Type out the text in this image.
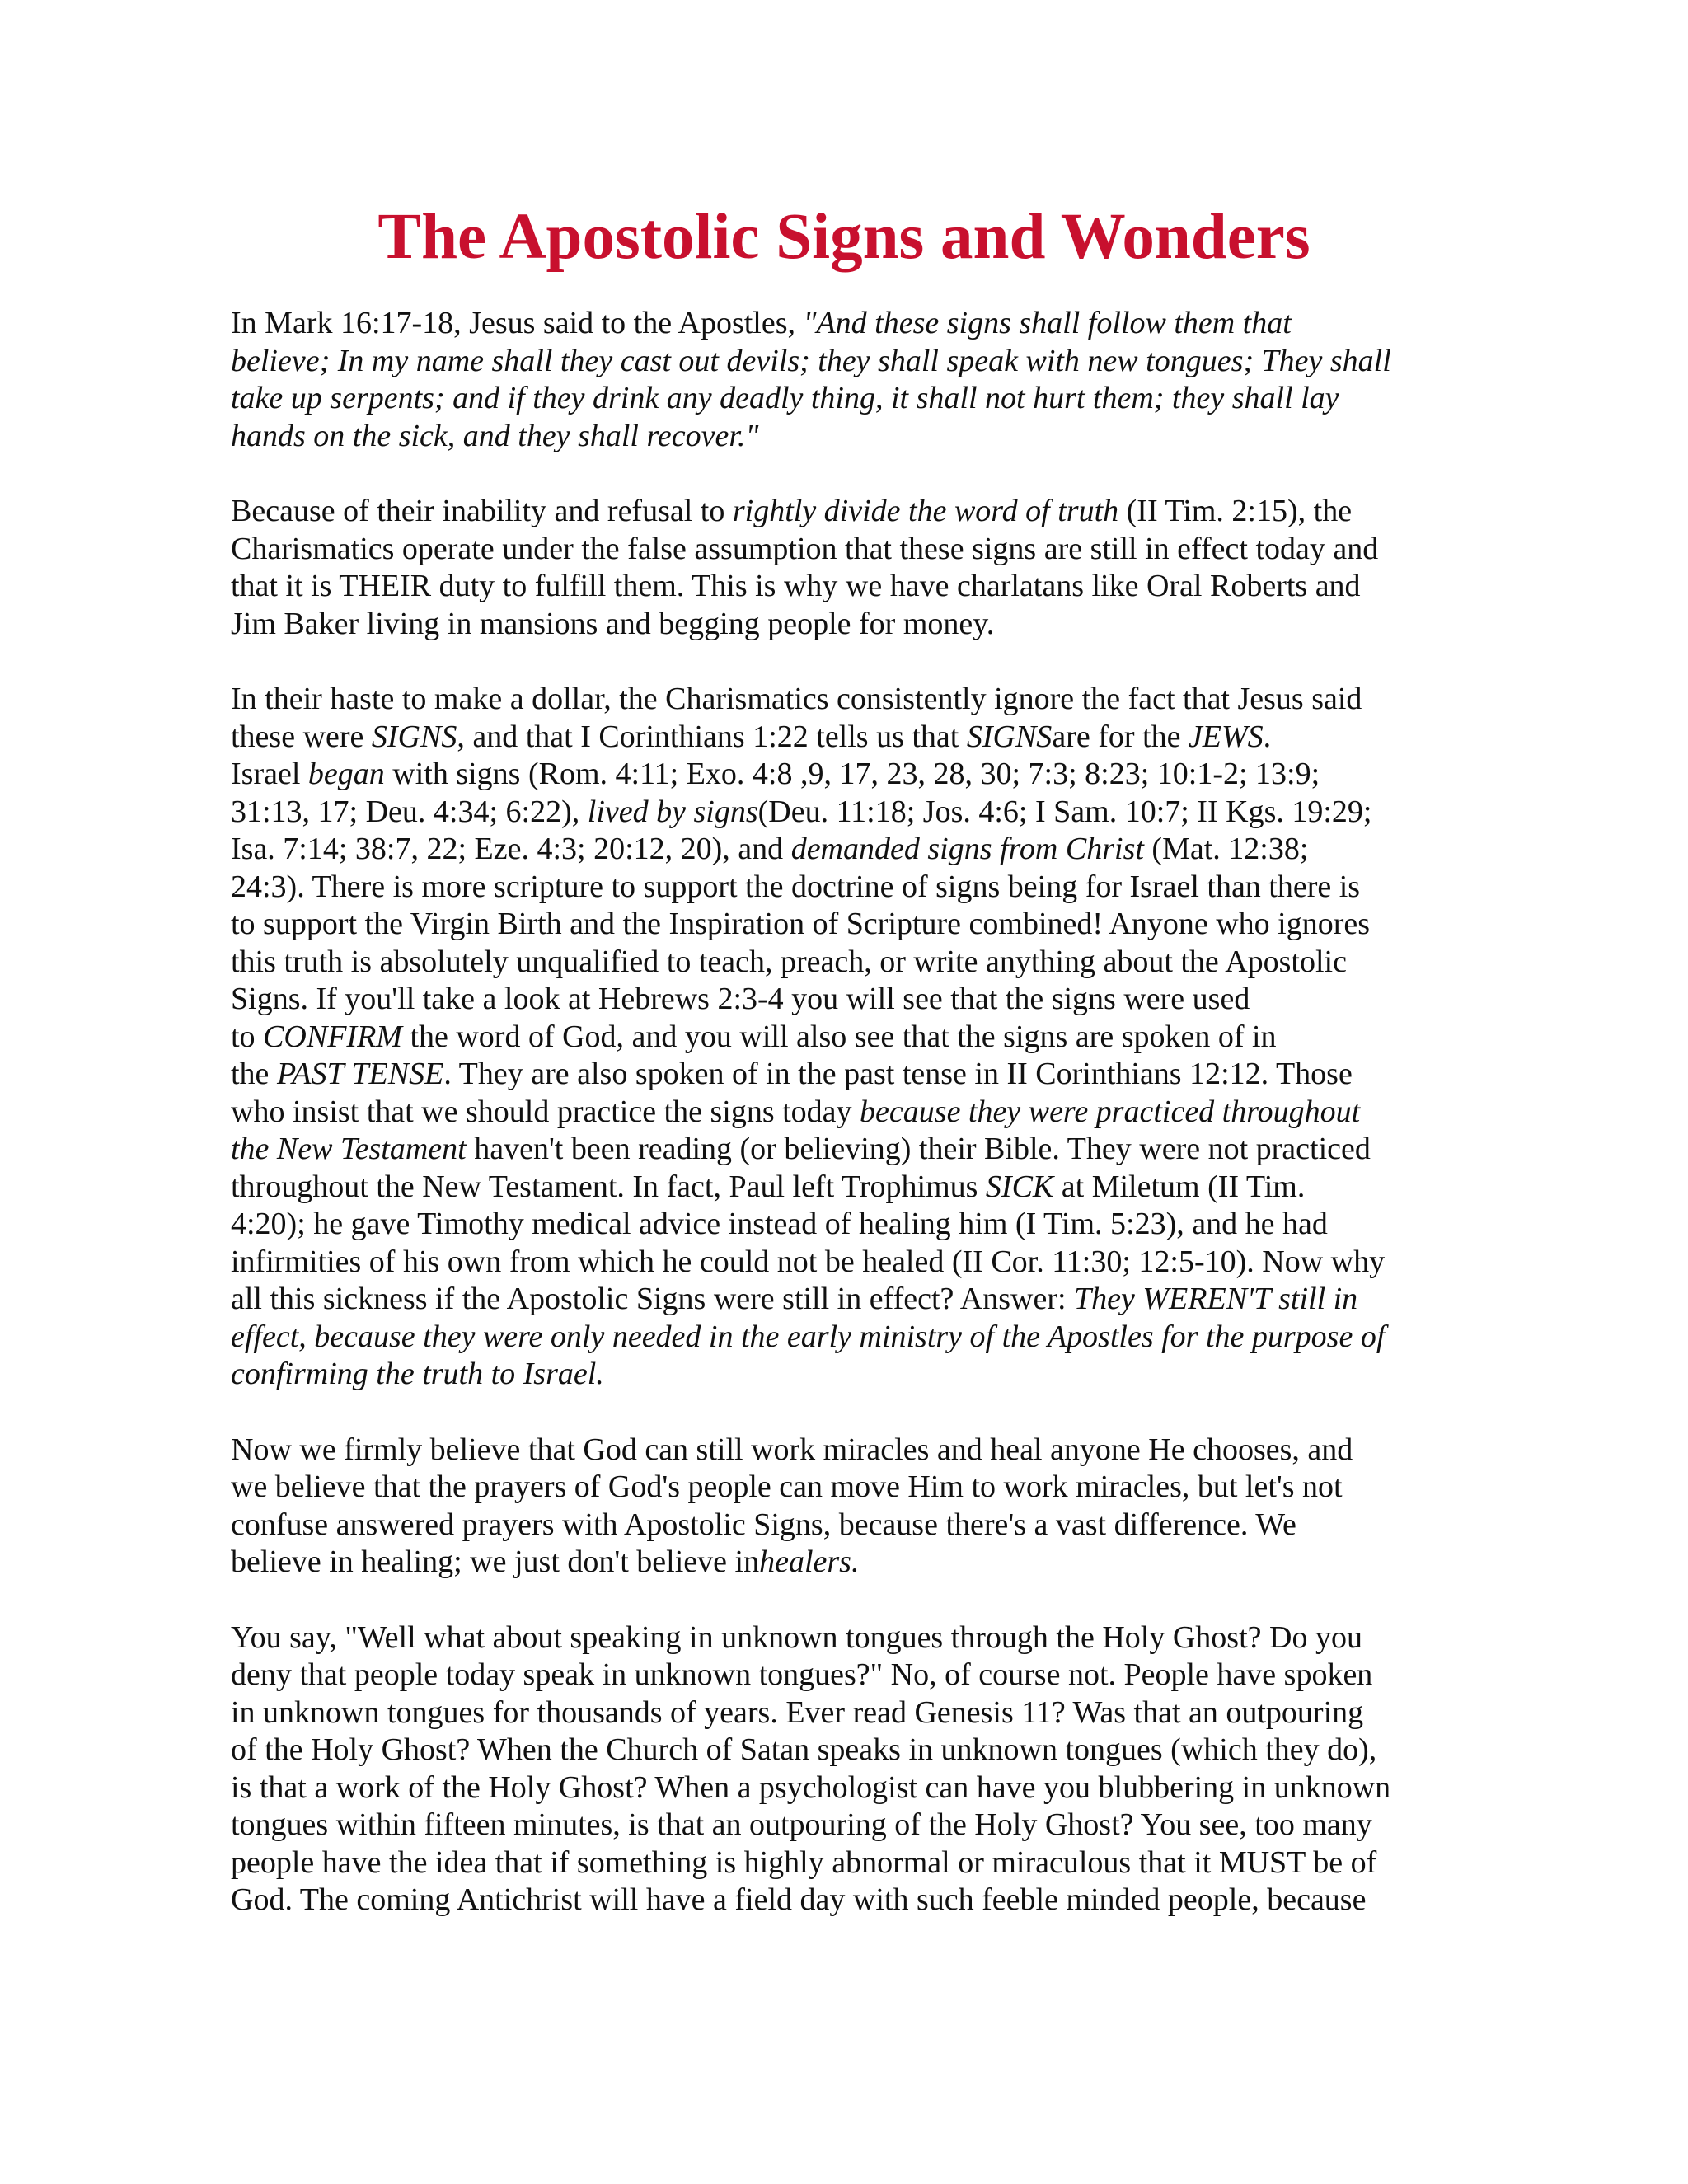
The Apostolic Signs and Wonders
In Mark 16:17-18, Jesus said to the Apostles, "And these signs shall follow them that
believe; In my name shall they cast out devils; they shall speak with new tongues; They shall
take up serpents; and if they drink any deadly thing, it shall not hurt them; they shall lay
hands on the sick, and they shall recover."
Because of their inability and refusal to rightly divide the word of truth (II Tim. 2:15), the
Charismatics operate under the false assumption that these signs are still in effect today and
that it is THEIR duty to fulfill them. This is why we have charlatans like Oral Roberts and
Jim Baker living in mansions and begging people for money.
In their haste to make a dollar, the Charismatics consistently ignore the fact that Jesus said
these were SIGNS, and that I Corinthians 1:22 tells us that SIGNSare for the JEWS.
Israel began with signs (Rom. 4:11; Exo. 4:8 ,9, 17, 23, 28, 30; 7:3; 8:23; 10:1-2; 13:9;
31:13, 17; Deu. 4:34; 6:22), lived by signs(Deu. 11:18; Jos. 4:6; I Sam. 10:7; II Kgs. 19:29;
Isa. 7:14; 38:7, 22; Eze. 4:3; 20:12, 20), and demanded signs from Christ (Mat. 12:38;
24:3). There is more scripture to support the doctrine of signs being for Israel than there is
to support the Virgin Birth and the Inspiration of Scripture combined! Anyone who ignores
this truth is absolutely unqualified to teach, preach, or write anything about the Apostolic
Signs. If you'll take a look at Hebrews 2:3-4 you will see that the signs were used
to CONFIRM the word of God, and you will also see that the signs are spoken of in
the PAST TENSE. They are also spoken of in the past tense in II Corinthians 12:12. Those
who insist that we should practice the signs today because they were practiced throughout
the New Testament haven't been reading (or believing) their Bible. They were not practiced
throughout the New Testament. In fact, Paul left Trophimus SICK at Miletum (II Tim.
4:20); he gave Timothy medical advice instead of healing him (I Tim. 5:23), and he had
infirmities of his own from which he could not be healed (II Cor. 11:30; 12:5-10). Now why
all this sickness if the Apostolic Signs were still in effect? Answer: They WEREN'T still in
effect, because they were only needed in the early ministry of the Apostles for the purpose of
confirming the truth to Israel.
Now we firmly believe that God can still work miracles and heal anyone He chooses, and
we believe that the prayers of God's people can move Him to work miracles, but let's not
confuse answered prayers with Apostolic Signs, because there's a vast difference. We
believe in healing; we just don't believe inhealers.
You say, "Well what about speaking in unknown tongues through the Holy Ghost? Do you
deny that people today speak in unknown tongues?" No, of course not. People have spoken
in unknown tongues for thousands of years. Ever read Genesis 11? Was that an outpouring
of the Holy Ghost? When the Church of Satan speaks in unknown tongues (which they do),
is that a work of the Holy Ghost? When a psychologist can have you blubbering in unknown
tongues within fifteen minutes, is that an outpouring of the Holy Ghost? You see, too many
people have the idea that if something is highly abnormal or miraculous that it MUST be of
God. The coming Antichrist will have a field day with such feeble minded people, because
